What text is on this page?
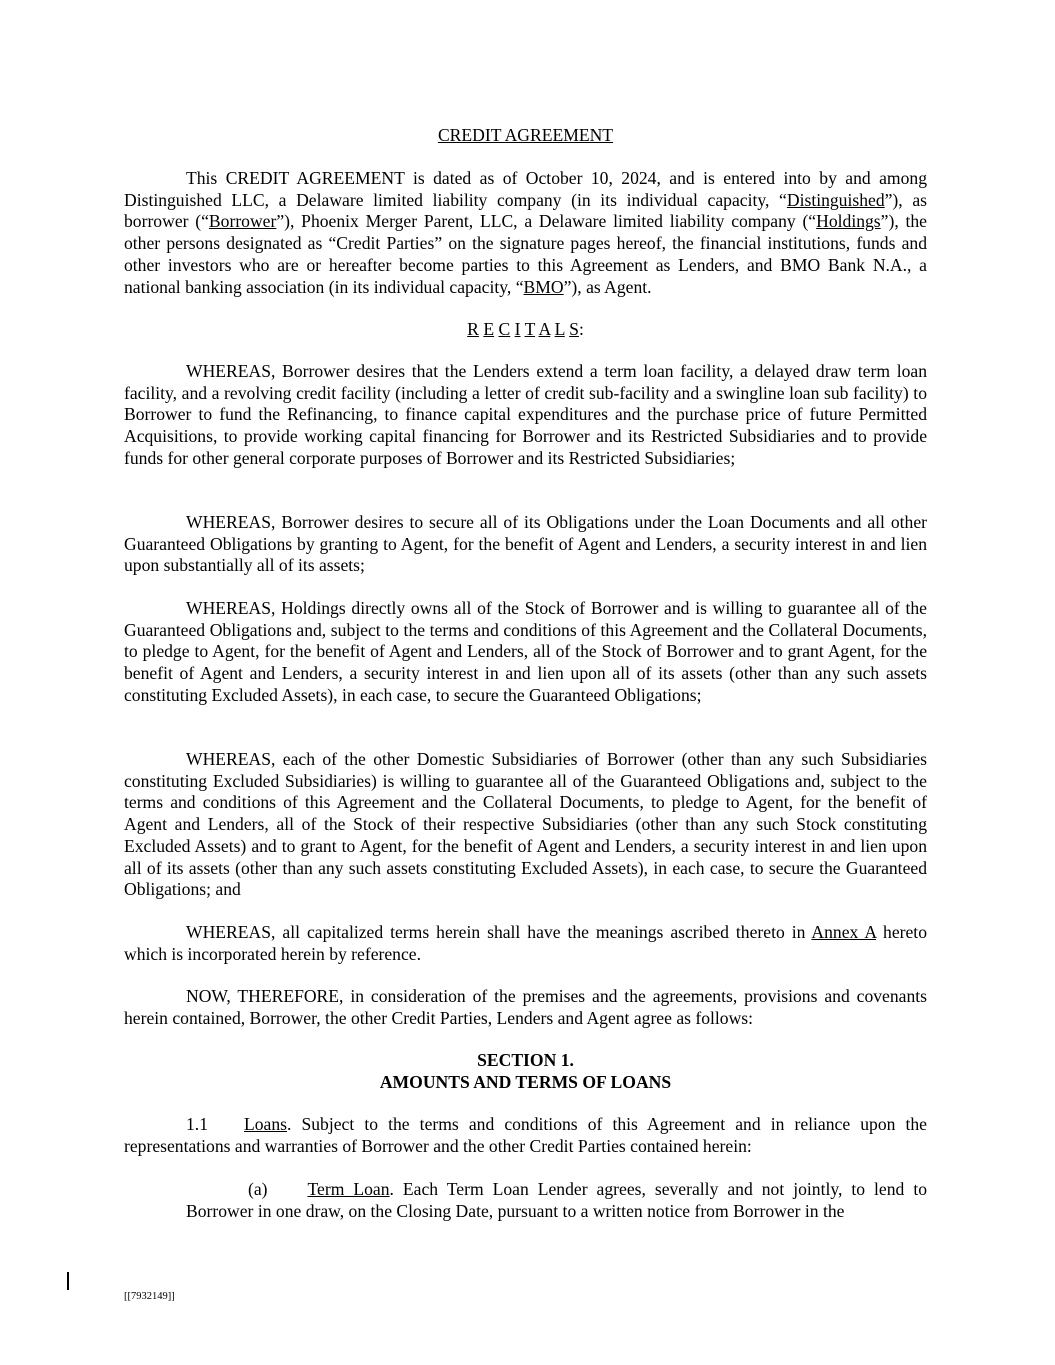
CREDIT AGREEMENT
This CREDIT AGREEMENT is dated as of October 10, 2024, and is entered into by and among Distinguished LLC, a Delaware limited liability company (in its individual capacity, “Distinguished”), as borrower (“Borrower”), Phoenix Merger Parent, LLC, a Delaware limited liability company (“Holdings”), the other persons designated as “Credit Parties” on the signature pages hereof, the financial institutions, funds and other investors who are or hereafter become parties to this Agreement as Lenders, and BMO Bank N.A., a national banking association (in its individual capacity, “BMO”), as Agent.
R E C I T A L S:
WHEREAS, Borrower desires that the Lenders extend a term loan facility, a delayed draw term loan facility, and a revolving credit facility (including a letter of credit sub-facility and a swingline loan sub facility) to Borrower to fund the Refinancing, to finance capital expenditures and the purchase price of future Permitted Acquisitions, to provide working capital financing for Borrower and its Restricted Subsidiaries and to provide funds for other general corporate purposes of Borrower and its Restricted Subsidiaries;
WHEREAS, Borrower desires to secure all of its Obligations under the Loan Documents and all other Guaranteed Obligations by granting to Agent, for the benefit of Agent and Lenders, a security interest in and lien upon substantially all of its assets;
WHEREAS, Holdings directly owns all of the Stock of Borrower and is willing to guarantee all of the Guaranteed Obligations and, subject to the terms and conditions of this Agreement and the Collateral Documents, to pledge to Agent, for the benefit of Agent and Lenders, all of the Stock of Borrower and to grant Agent, for the benefit of Agent and Lenders, a security interest in and lien upon all of its assets (other than any such assets constituting Excluded Assets), in each case, to secure the Guaranteed Obligations;
WHEREAS, each of the other Domestic Subsidiaries of Borrower (other than any such Subsidiaries constituting Excluded Subsidiaries) is willing to guarantee all of the Guaranteed Obligations and, subject to the terms and conditions of this Agreement and the Collateral Documents, to pledge to Agent, for the benefit of Agent and Lenders, all of the Stock of their respective Subsidiaries (other than any such Stock constituting Excluded Assets) and to grant to Agent, for the benefit of Agent and Lenders, a security interest in and lien upon all of its assets (other than any such assets constituting Excluded Assets), in each case, to secure the Guaranteed Obligations; and
WHEREAS, all capitalized terms herein shall have the meanings ascribed thereto in Annex A hereto which is incorporated herein by reference.
NOW, THEREFORE, in consideration of the premises and the agreements, provisions and covenants herein contained, Borrower, the other Credit Parties, Lenders and Agent agree as follows:
SECTION 1.
AMOUNTS AND TERMS OF LOANS
1.1 Loans. Subject to the terms and conditions of this Agreement and in reliance upon the representations and warranties of Borrower and the other Credit Parties contained herein:
(a) Term Loan. Each Term Loan Lender agrees, severally and not jointly, to lend to Borrower in one draw, on the Closing Date, pursuant to a written notice from Borrower in the
[[7932149]]
